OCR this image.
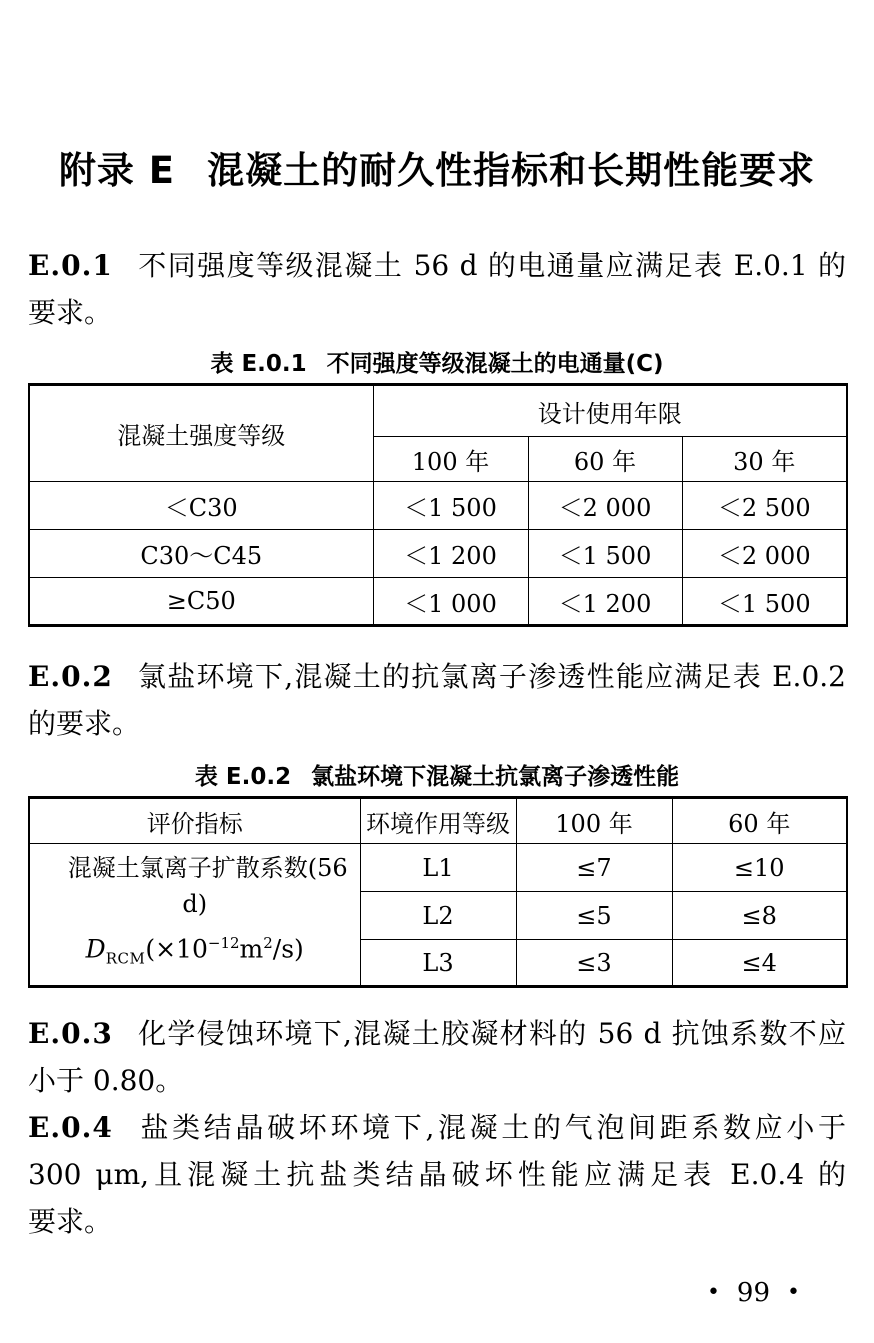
附录 E 混凝土的耐久性指标和长期性能要求
E.0.1 不同强度等级混凝土 56 d 的电通量应满足表 E.0.1 的
要求。
表 E.0.1 不同强度等级混凝土的电通量(C)
混凝土强度等级	设计使用年限		
	100 年	60 年	30 年
＜C30	＜1 500	＜2 000	＜2 500
C30～C45	＜1 200	＜1 500	＜2 000
≥C50	＜1 000	＜1 200	＜1 500
E.0.2 氯盐环境下,混凝土的抗氯离子渗透性能应满足表 E.0.2
的要求。
表 E.0.2 氯盐环境下混凝土抗氯离子渗透性能
评价指标	环境作用等级	100 年	60 年

混凝土氯离子扩散系数(56 d)
$D_{RCM}(\times 10^{-12}m^2/s)$	L1	≤7	≤10
	L2	≤5	≤8
	L3	≤3	≤4
E.0.3 化学侵蚀环境下,混凝土胶凝材料的 56 d 抗蚀系数不应
小于 0.80。
E.0.4 盐类结晶破坏环境下,混凝土的气泡间距系数应小于
300 μm,且混凝土抗盐类结晶破坏性能应满足表 E.0.4 的
要求。
• 99 •
